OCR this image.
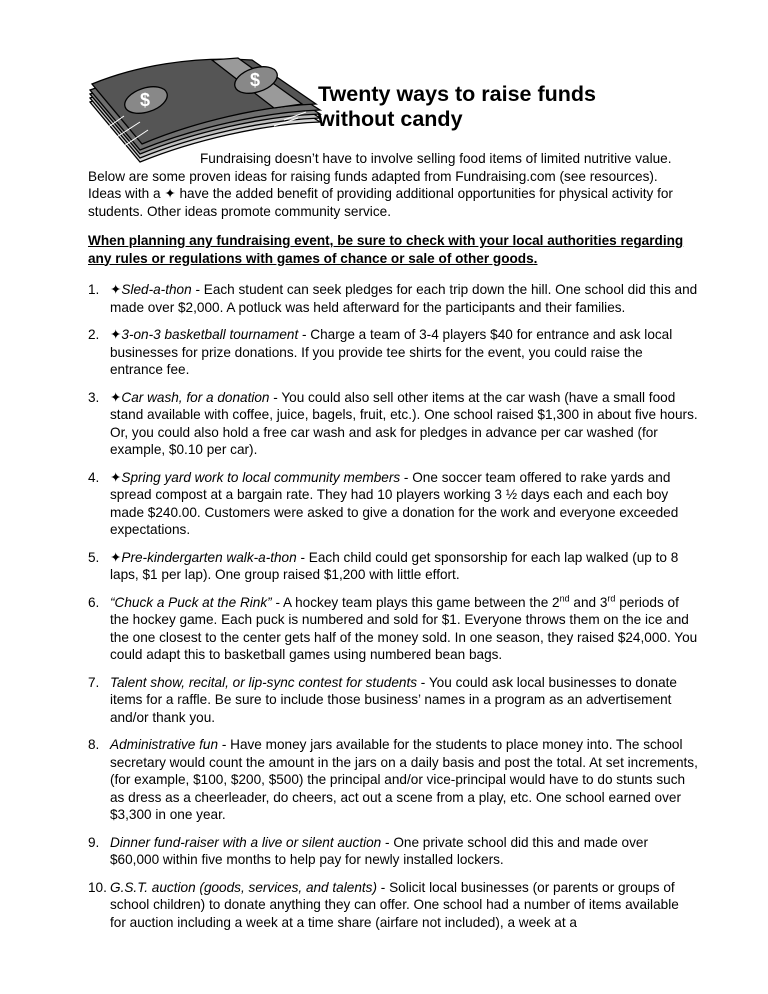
$
$
Twenty ways to raise funds
without candy

Fundraising doesn’t have to involve selling food items of limited nutritive value. Below are some proven ideas for raising funds adapted from Fundraising.com (see resources). Ideas with a ✦ have the added benefit of providing additional opportunities for physical activity for students. Other ideas promote community service.

When planning any fundraising event, be sure to check with your local authorities regarding any rules or regulations with games of chance or sale of other goods.

1. ✦Sled-a-thon - Each student can seek pledges for each trip down the hill. One school did this and made over $2,000. A potluck was held afterward for the participants and their families.
2. ✦3-on-3 basketball tournament - Charge a team of 3-4 players $40 for entrance and ask local businesses for prize donations. If you provide tee shirts for the event, you could raise the entrance fee.
3. ✦Car wash, for a donation - You could also sell other items at the car wash (have a small food stand available with coffee, juice, bagels, fruit, etc.). One school raised $1,300 in about five hours. Or, you could also hold a free car wash and ask for pledges in advance per car washed (for example, $0.10 per car).
4. ✦Spring yard work to local community members - One soccer team offered to rake yards and spread compost at a bargain rate. They had 10 players working 3 ½ days each and each boy made $240.00. Customers were asked to give a donation for the work and everyone exceeded expectations.
5. ✦Pre-kindergarten walk-a-thon - Each child could get sponsorship for each lap walked (up to 8 laps, $1 per lap). One group raised $1,200 with little effort.
6. “Chuck a Puck at the Rink” - A hockey team plays this game between the 2nd and 3rd periods of the hockey game. Each puck is numbered and sold for $1. Everyone throws them on the ice and the one closest to the center gets half of the money sold. In one season, they raised $24,000. You could adapt this to basketball games using numbered bean bags.
7. Talent show, recital, or lip-sync contest for students - You could ask local businesses to donate items for a raffle. Be sure to include those business’ names in a program as an advertisement and/or thank you.
8. Administrative fun - Have money jars available for the students to place money into. The school secretary would count the amount in the jars on a daily basis and post the total. At set increments, (for example, $100, $200, $500) the principal and/or vice-principal would have to do stunts such as dress as a cheerleader, do cheers, act out a scene from a play, etc. One school earned over $3,300 in one year.
9. Dinner fund-raiser with a live or silent auction - One private school did this and made over $60,000 within five months to help pay for newly installed lockers.
10. G.S.T. auction (goods, services, and talents) - Solicit local businesses (or parents or groups of school children) to donate anything they can offer. One school had a number of items available for auction including a week at a time share (airfare not included), a week at a
